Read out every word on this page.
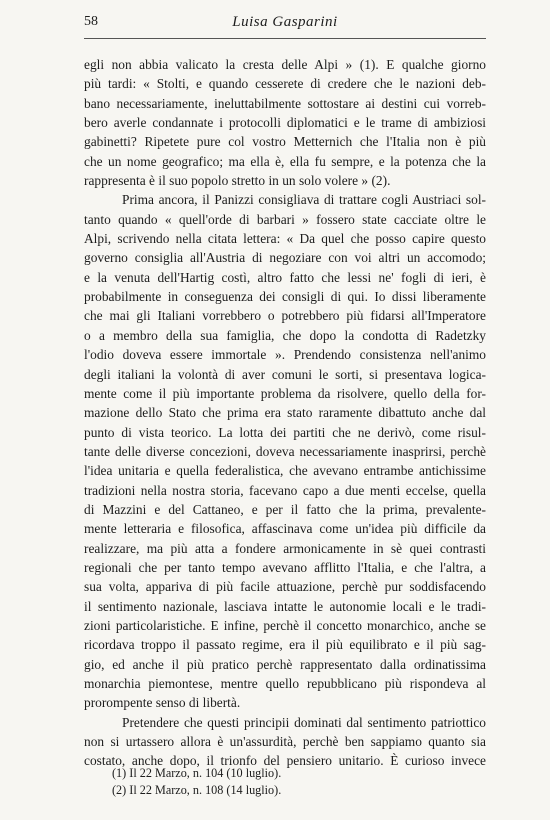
58	Luisa Gasparini
egli non abbia valicato la cresta delle Alpi » (1). E qualche giorno
più tardi: « Stolti, e quando cesserete di credere che le nazioni deb-
bano necessariamente, ineluttabilmente sottostare ai destini cui vorreb-
bero averle condannate i protocolli diplomatici e le trame di ambiziosi
gabinetti? Ripetete pure col vostro Metternich che l'Italia non è più
che un nome geografico; ma ella è, ella fu sempre, e la potenza che la
rappresenta è il suo popolo stretto in un solo volere » (2).
Prima ancora, il Panizzi consigliava di trattare cogli Austriaci sol-
tanto quando « quell'orde di barbari » fossero state cacciate oltre le
Alpi, scrivendo nella citata lettera: « Da quel che posso capire questo
governo consiglia all'Austria di negoziare con voi altri un accomodo;
e la venuta dell'Hartig costì, altro fatto che lessi ne' fogli di ieri, è
probabilmente in conseguenza dei consigli di qui. Io dissi liberamente
che mai gli Italiani vorrebbero o potrebbero più fidarsi all'Imperatore
o a membro della sua famiglia, che dopo la condotta di Radetzky
l'odio doveva essere immortale ». Prendendo consistenza nell'animo
degli italiani la volontà di aver comuni le sorti, si presentava logica-
mente come il più importante problema da risolvere, quello della for-
mazione dello Stato che prima era stato raramente dibattuto anche dal
punto di vista teorico. La lotta dei partiti che ne derivò, come risul-
tante delle diverse concezioni, doveva necessariamente inasprirsi, perchè
l'idea unitaria e quella federalistica, che avevano entrambe antichissime
tradizioni nella nostra storia, facevano capo a due menti eccelse, quella
di Mazzini e del Cattaneo, e per il fatto che la prima, prevalente-
mente letteraria e filosofica, affascinava come un'idea più difficile da
realizzare, ma più atta a fondere armonicamente in sè quei contrasti
regionali che per tanto tempo avevano afflitto l'Italia, e che l'altra, a
sua volta, appariva di più facile attuazione, perchè pur soddisfacendo
il sentimento nazionale, lasciava intatte le autonomie locali e le tradi-
zioni particolaristiche. E infine, perchè il concetto monarchico, anche se
ricordava troppo il passato regime, era il più equilibrato e il più sag-
gio, ed anche il più pratico perchè rappresentato dalla ordinatissima
monarchia piemontese, mentre quello repubblicano più rispondeva al
prorompente senso di libertà.
Pretendere che questi principii dominati dal sentimento patriottico
non si urtassero allora è un'assurdità, perchè ben sappiamo quanto sia
costato, anche dopo, il trionfo del pensiero unitario. È curioso invece
(1) Il 22 Marzo, n. 104 (10 luglio).
(2) Il 22 Marzo, n. 108 (14 luglio).
